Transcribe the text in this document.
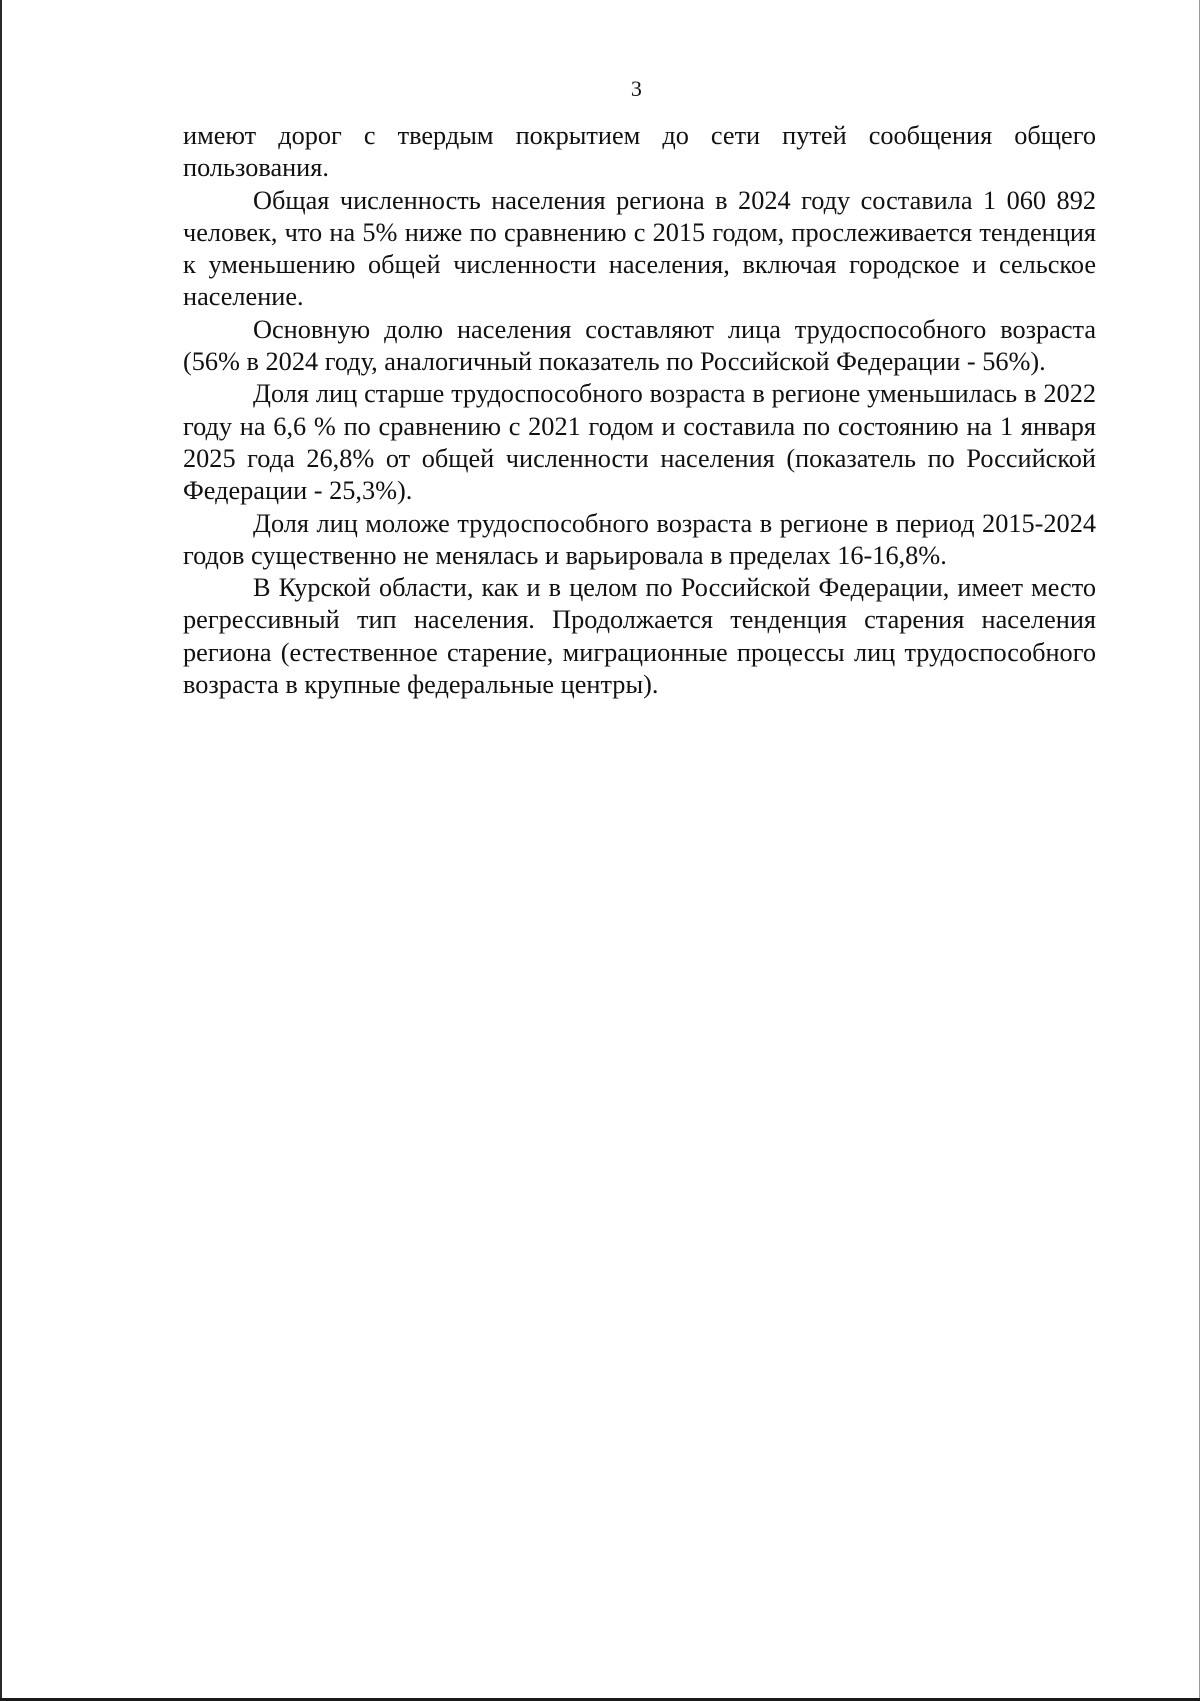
3

имеют дорог с твердым покрытием до сети путей сообщения общего пользования.

Общая численность населения региона в 2024 году составила 1 060 892 человек, что на 5% ниже по сравнению с 2015 годом, прослеживается тенденция к уменьшению общей численности населения, включая городское и сельское население.

Основную долю населения составляют лица трудоспособного возраста (56% в 2024 году, аналогичный показатель по Российской Федерации - 56%).

Доля лиц старше трудоспособного возраста в регионе уменьшилась в 2022 году на 6,6 % по сравнению с 2021 годом и составила по состоянию на 1 января 2025 года 26,8% от общей численности населения (показатель по Российской Федерации - 25,3%).

Доля лиц моложе трудоспособного возраста в регионе в период 2015-2024 годов существенно не менялась и варьировала в пределах 16-16,8%.

В Курской области, как и в целом по Российской Федерации, имеет место регрессивный тип населения. Продолжается тенденция старения населения региона (естественное старение, миграционные процессы лиц трудоспособного возраста в крупные федеральные центры).
